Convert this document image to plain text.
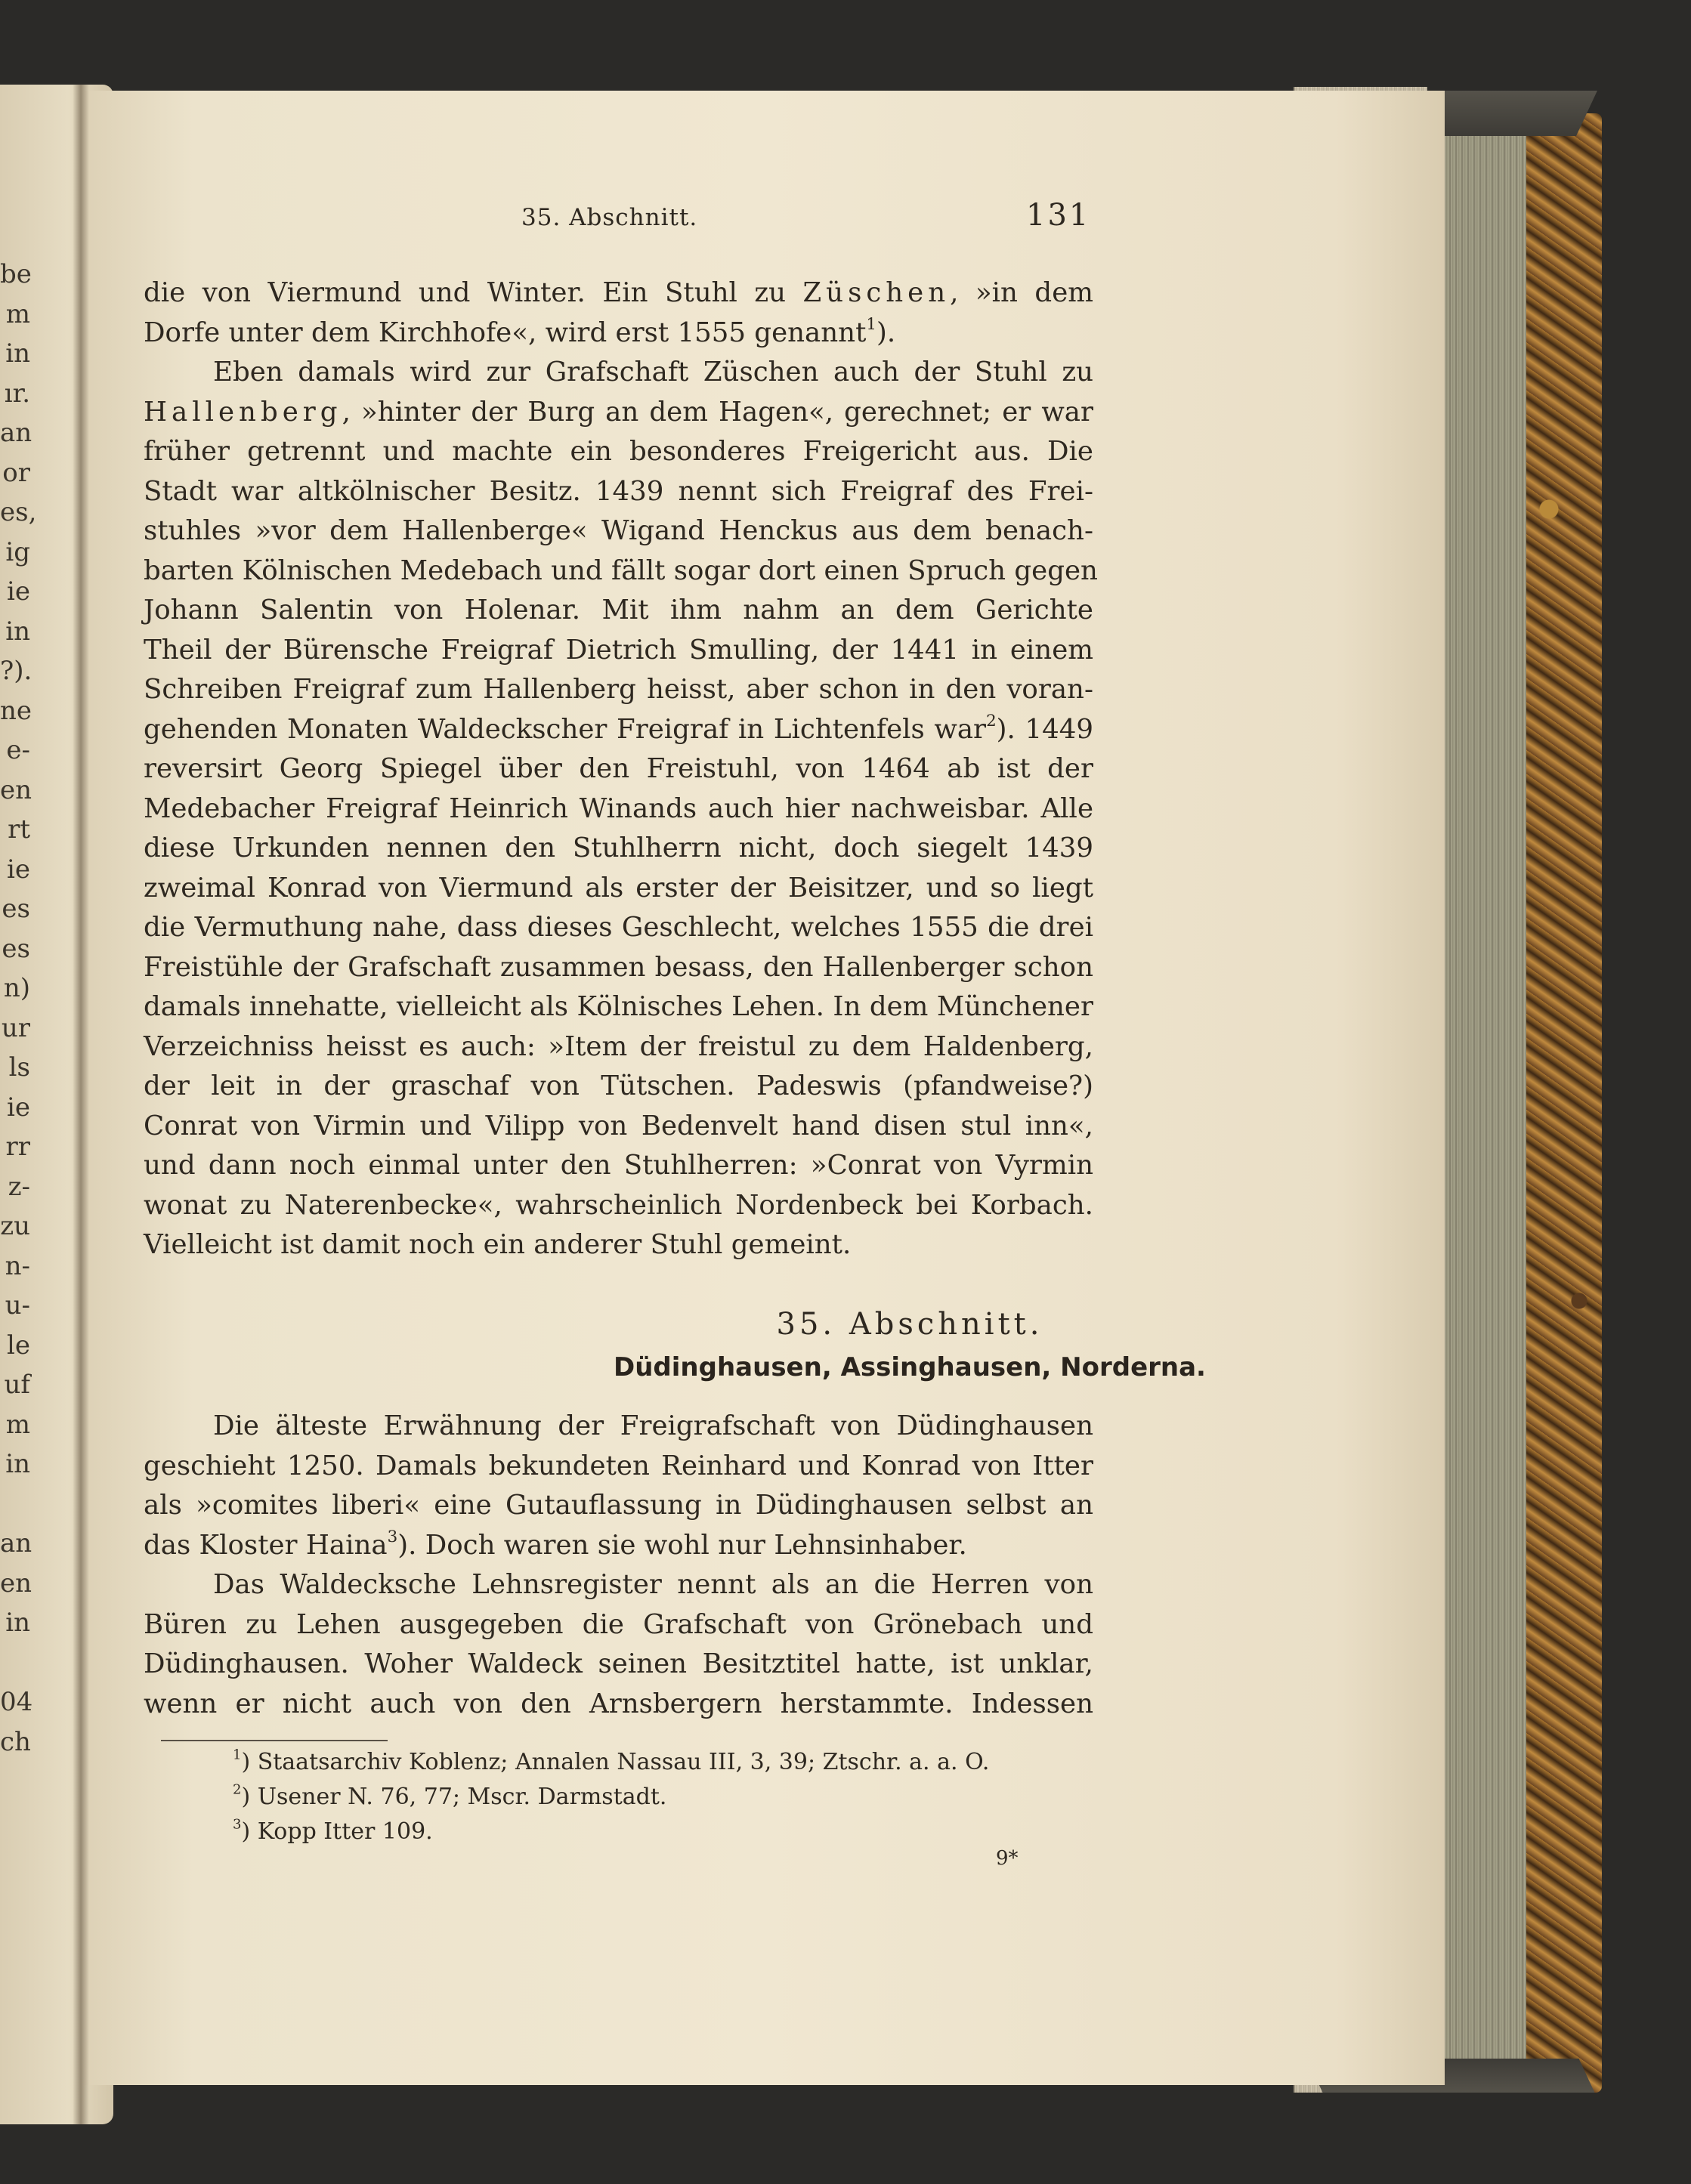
be
m
in
ır.
an
or
es,
ig
ie
in
?).
ne
e-
en
rt
ie
es
es
n)
ur
ls
ie
rr
z-
zu
n-
u-
le
uf
m
in
an
en
in
04
ch
35. Abschnitt.	131
die von Viermund und Winter. Ein Stuhl zu Züschen, »in dem
Dorfe unter dem Kirchhofe«, wird erst 1555 genannt$^1$).
Eben damals wird zur Grafschaft Züschen auch der Stuhl zu
Hallenberg, »hinter der Burg an dem Hagen«, gerechnet; er war
früher getrennt und machte ein besonderes Freigericht aus. Die
Stadt war altkölnischer Besitz. 1439 nennt sich Freigraf des Frei-
stuhles »vor dem Hallenberge« Wigand Henckus aus dem benach-
barten Kölnischen Medebach und fällt sogar dort einen Spruch gegen
Johann Salentin von Holenar. Mit ihm nahm an dem Gerichte
Theil der Bürensche Freigraf Dietrich Smulling, der 1441 in einem
Schreiben Freigraf zum Hallenberg heisst, aber schon in den voran-
gehenden Monaten Waldeckscher Freigraf in Lichtenfels war$^2$). 1449
reversirt Georg Spiegel über den Freistuhl, von 1464 ab ist der
Medebacher Freigraf Heinrich Winands auch hier nachweisbar. Alle
diese Urkunden nennen den Stuhlherrn nicht, doch siegelt 1439
zweimal Konrad von Viermund als erster der Beisitzer, und so liegt
die Vermuthung nahe, dass dieses Geschlecht, welches 1555 die drei
Freistühle der Grafschaft zusammen besass, den Hallenberger schon
damals innehatte, vielleicht als Kölnisches Lehen. In dem Münchener
Verzeichniss heisst es auch: »Item der freistul zu dem Haldenberg,
der leit in der graschaf von Tütschen. Padeswis (pfandweise?)
Conrat von Virmin und Vilipp von Bedenvelt hand disen stul inn«,
und dann noch einmal unter den Stuhlherren: »Conrat von Vyrmin
wonat zu Naterenbecke«, wahrscheinlich Nordenbeck bei Korbach.
Vielleicht ist damit noch ein anderer Stuhl gemeint.
35. Abschnitt.
Düdinghausen, Assinghausen, Norderna.
Die älteste Erwähnung der Freigrafschaft von Düdinghausen
geschieht 1250. Damals bekundeten Reinhard und Konrad von Itter
als »comites liberi« eine Gutauflassung in Düdinghausen selbst an
das Kloster Haina$^3$). Doch waren sie wohl nur Lehnsinhaber.
Das Waldecksche Lehnsregister nennt als an die Herren von
Büren zu Lehen ausgegeben die Grafschaft von Grönebach und
Düdinghausen. Woher Waldeck seinen Besitztitel hatte, ist unklar,
wenn er nicht auch von den Arnsbergern herstammte. Indessen
$^1$) Staatsarchiv Koblenz; Annalen Nassau III, 3, 39; Ztschr. a. a. O.
$^2$) Usener N. 76, 77; Mscr. Darmstadt.
$^3$) Kopp Itter 109.
9*
